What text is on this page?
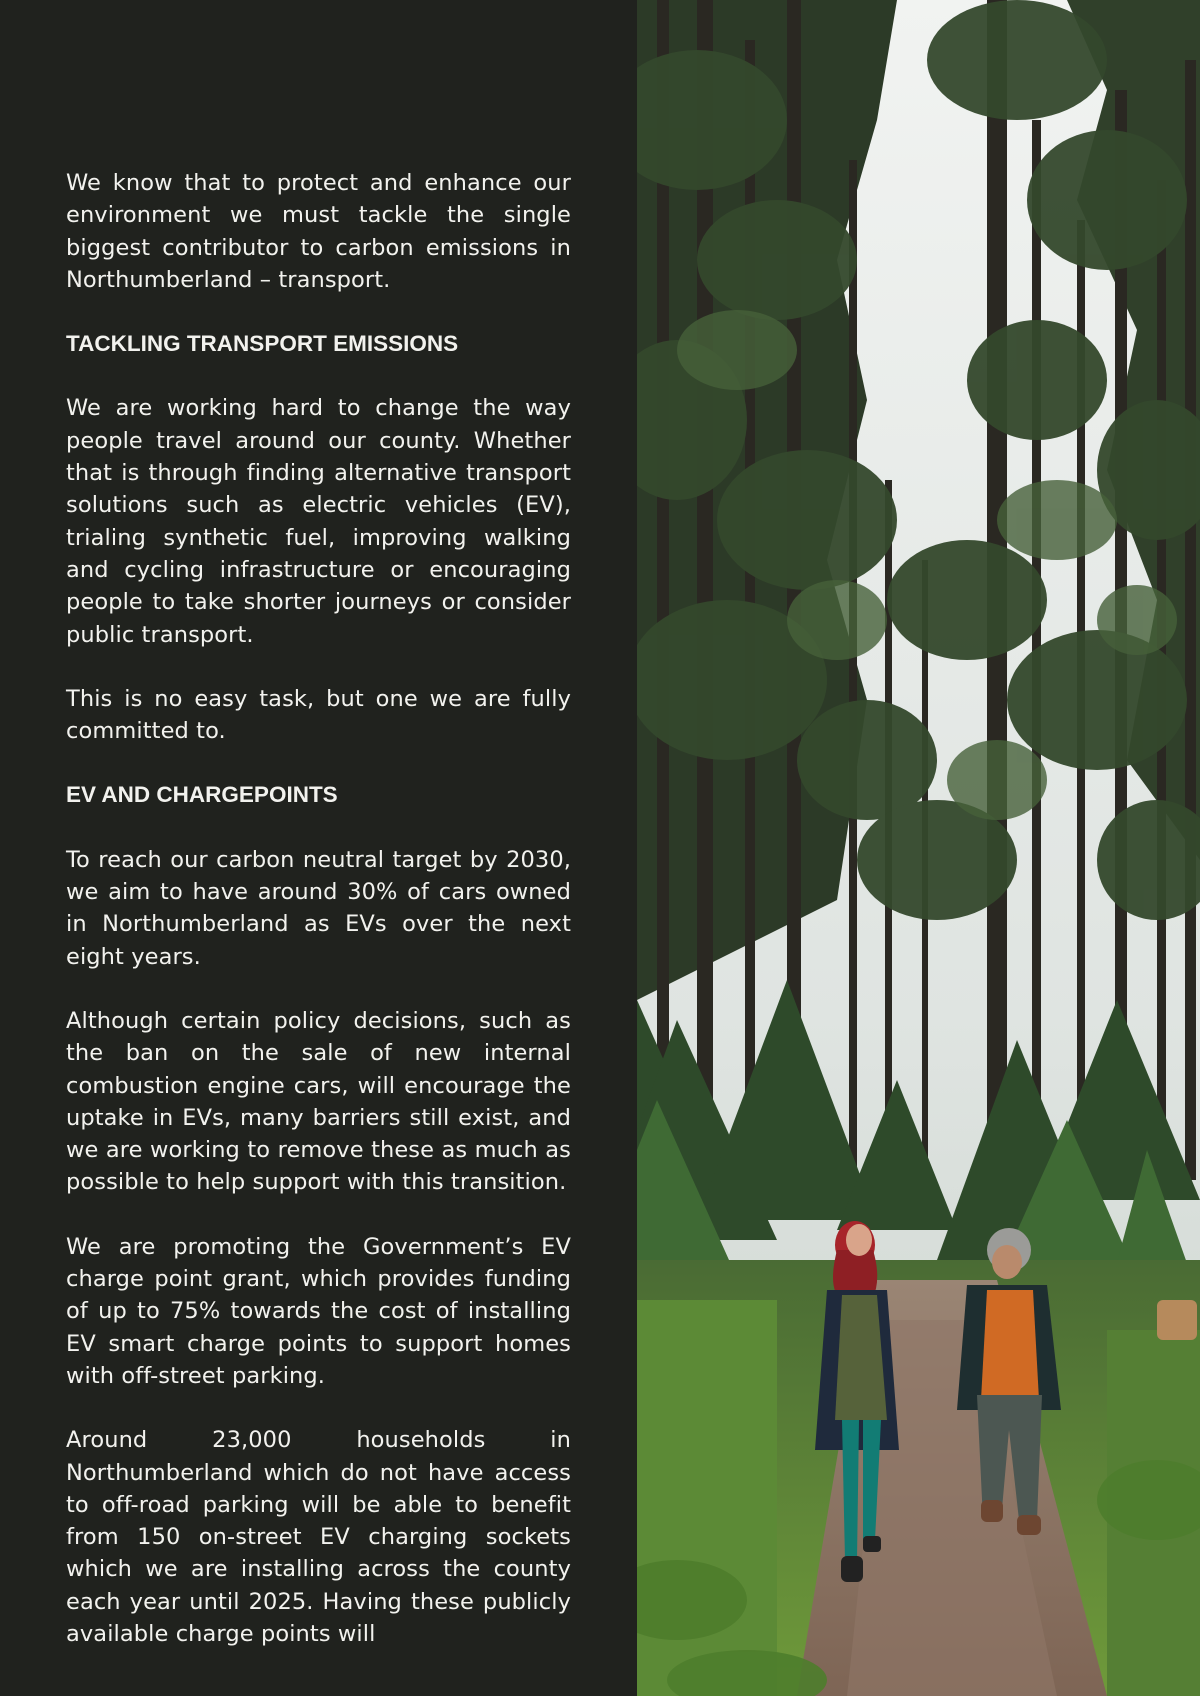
We know that to protect and enhance our environment we must tackle the single biggest contributor to carbon emissions in Northumberland – transport.

TACKLING TRANSPORT EMISSIONS

We are working hard to change the way people travel around our county. Whether that is through finding alternative transport solutions such as electric vehicles (EV), trialing synthetic fuel, improving walking and cycling infrastructure or encouraging people to take shorter journeys or consider public transport.

This is no easy task, but one we are fully committed to.

EV AND CHARGEPOINTS

To reach our carbon neutral target by 2030, we aim to have around 30% of cars owned in Northumberland as EVs over the next eight years.

Although certain policy decisions, such as the ban on the sale of new internal combustion engine cars, will encourage the uptake in EVs, many barriers still exist, and we are working to remove these as much as possible to help support with this transition.

We are promoting the Government’s EV charge point grant, which provides funding of up to 75% towards the cost of installing EV smart charge points to support homes with off-street parking.

Around 23,000 households in Northumberland which do not have access to off-road parking will be able to benefit from 150 on-street EV charging sockets which we are installing across the county each year until 2025. Having these publicly available charge points will
